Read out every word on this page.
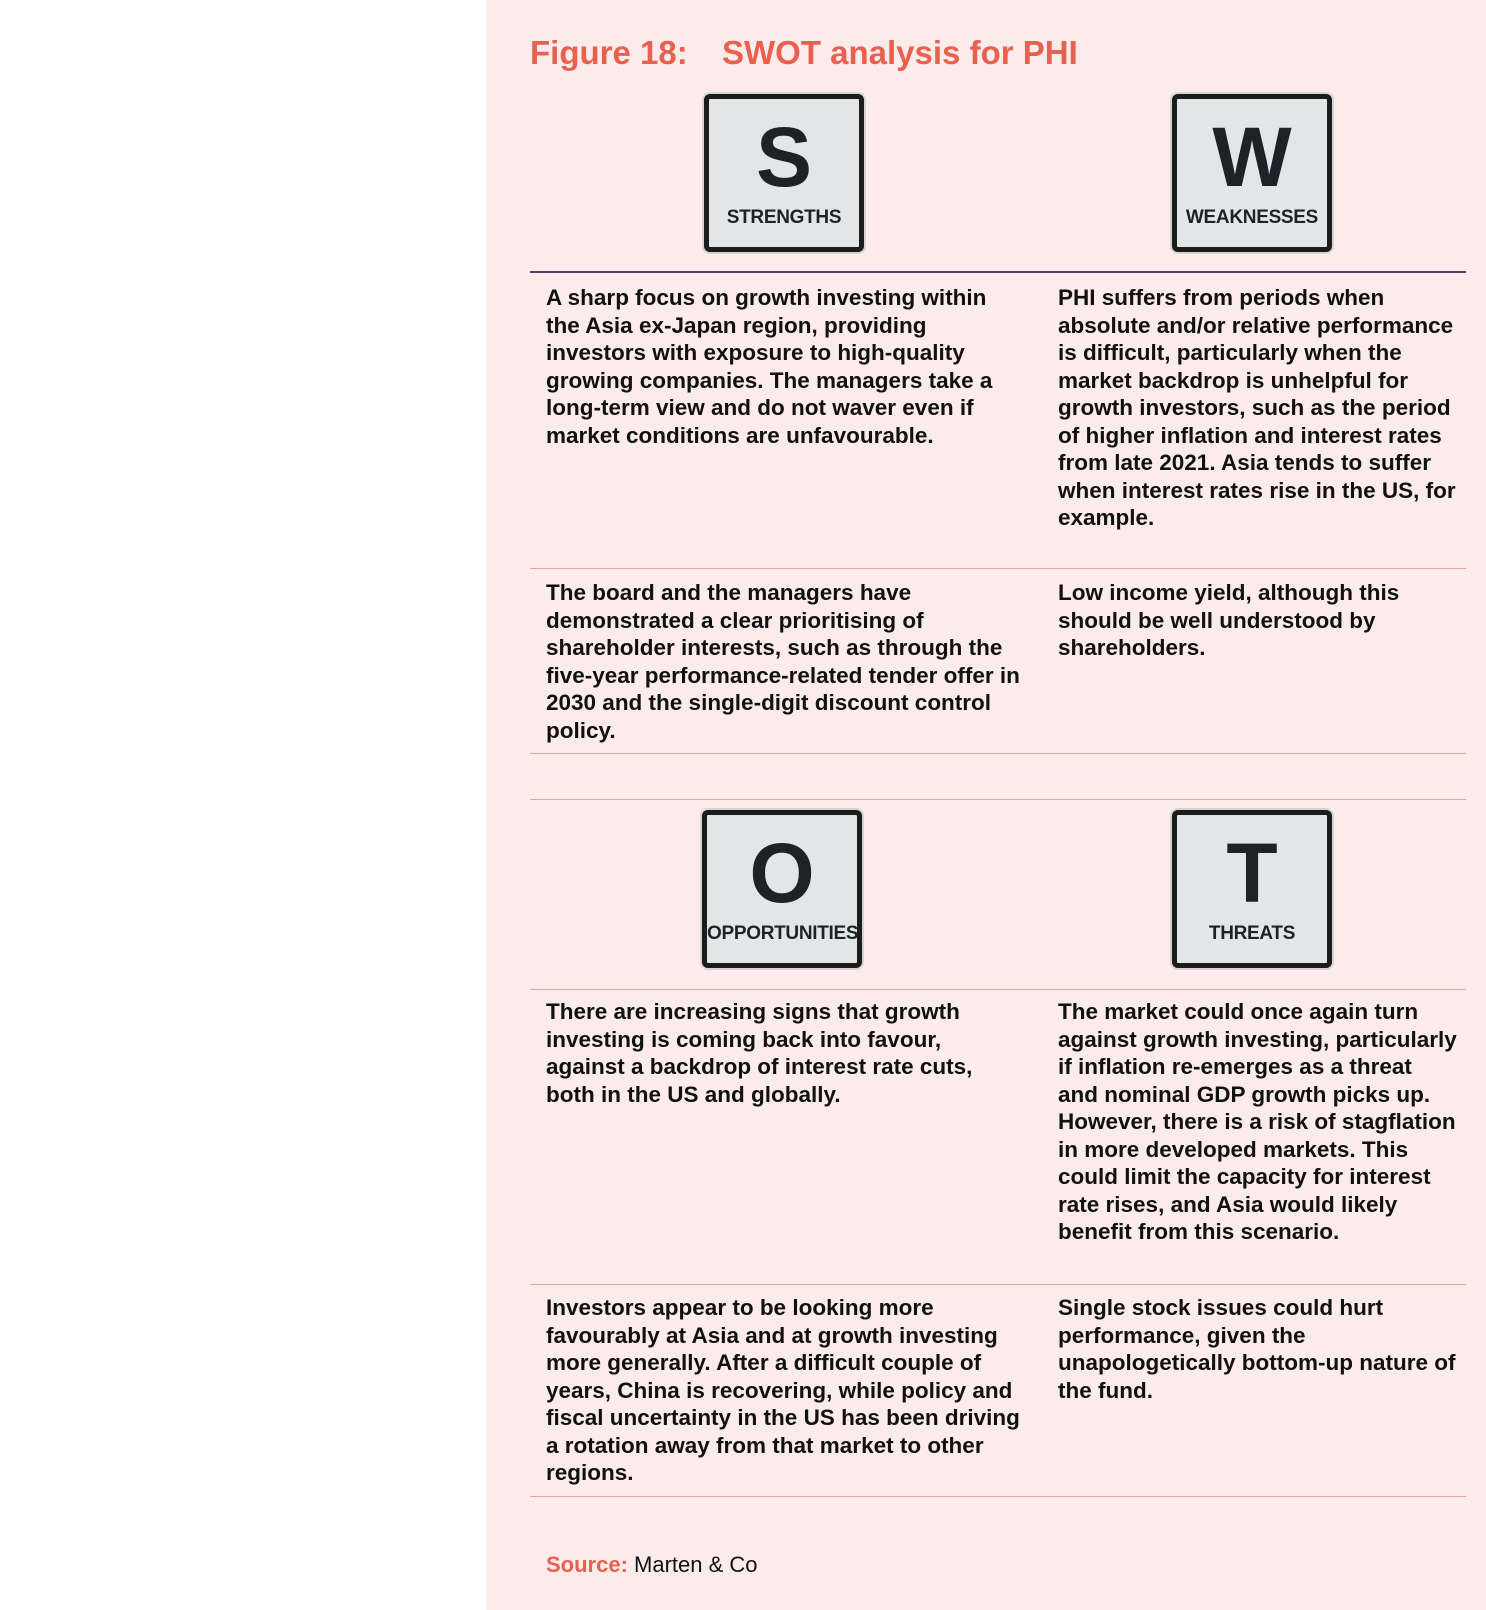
Figure 18: SWOT analysis for PHI
S
STRENGTHS
W
WEAKNESSES

A sharp focus on growth investing within the Asia ex-Japan region, providing investors with exposure to high-quality growing companies. The managers take a long-term view and do not waver even if market conditions are unfavourable.

PHI suffers from periods when absolute and/or relative performance is difficult, particularly when the market backdrop is unhelpful for growth investors, such as the period of higher inflation and interest rates from late 2021. Asia tends to suffer when interest rates rise in the US, for example.

The board and the managers have demonstrated a clear prioritising of shareholder interests, such as through the five-year performance-related tender offer in 2030 and the single-digit discount control policy.

Low income yield, although this should be well understood by shareholders.

O
OPPORTUNITIES
T
THREATS

There are increasing signs that growth investing is coming back into favour, against a backdrop of interest rate cuts, both in the US and globally.

The market could once again turn against growth investing, particularly if inflation re-emerges as a threat and nominal GDP growth picks up. However, there is a risk of stagflation in more developed markets. This could limit the capacity for interest rate rises, and Asia would likely benefit from this scenario.

Investors appear to be looking more favourably at Asia and at growth investing more generally. After a difficult couple of years, China is recovering, while policy and fiscal uncertainty in the US has been driving a rotation away from that market to other regions.

Single stock issues could hurt performance, given the unapologetically bottom-up nature of the fund.

Source: Marten & Co
